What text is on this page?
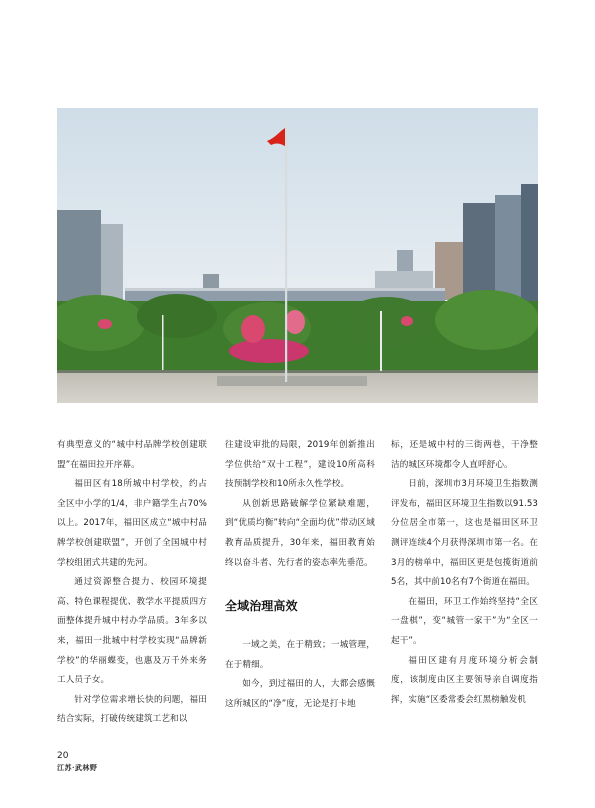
有典型意义的“城中村品牌学校创建联盟”在福田拉开序幕。

福田区有18所城中村学校，约占全区中小学的1/4，非户籍学生占70%以上。2017年，福田区成立“城中村品牌学校创建联盟”，开创了全国城中村学校组团式共建的先河。

通过资源整合提力、校园环境提高、特色课程提优、教学水平提质四方面整体提升城中村办学品质。3年多以来，福田一批城中村学校实现“品牌新学校”的华丽蝶变，也惠及万千外来务工人员子女。

针对学位需求增长快的问题，福田结合实际，打破传统建筑工艺和以

往建设审批的局限，2019年创新推出学位供给“双十工程”，建设10所高科技预制学校和10所永久性学校。

从创新思路破解学位紧缺难题，到“优质均衡”转向“全面均优”带动区域教育品质提升，30年来，福田教育始终以奋斗者、先行者的姿态率先垂范。

全域治理高效

一域之美，在于精致；一城管理，在于精细。

如今，到过福田的人，大都会感慨这所城区的“净”度，无论是打卡地

标，还是城中村的三街两巷，干净整洁的城区环境都令人直呼舒心。

日前，深圳市3月环境卫生指数测评发布，福田区环境卫生指数以91.53分位居全市第一，这也是福田区环卫测评连续4个月获得深圳市第一名。在3月的榜单中，福田区更是包揽街道前5名，其中前10名有7个街道在福田。

在福田，环卫工作始终坚持“全区一盘棋”，变“城管一家干”为“全区一起干”。

福田区建有月度环境分析会制度，该制度由区主要领导亲自调度指挥，实施“区委常委会红黑榜触发机

20
江苏·武林野
